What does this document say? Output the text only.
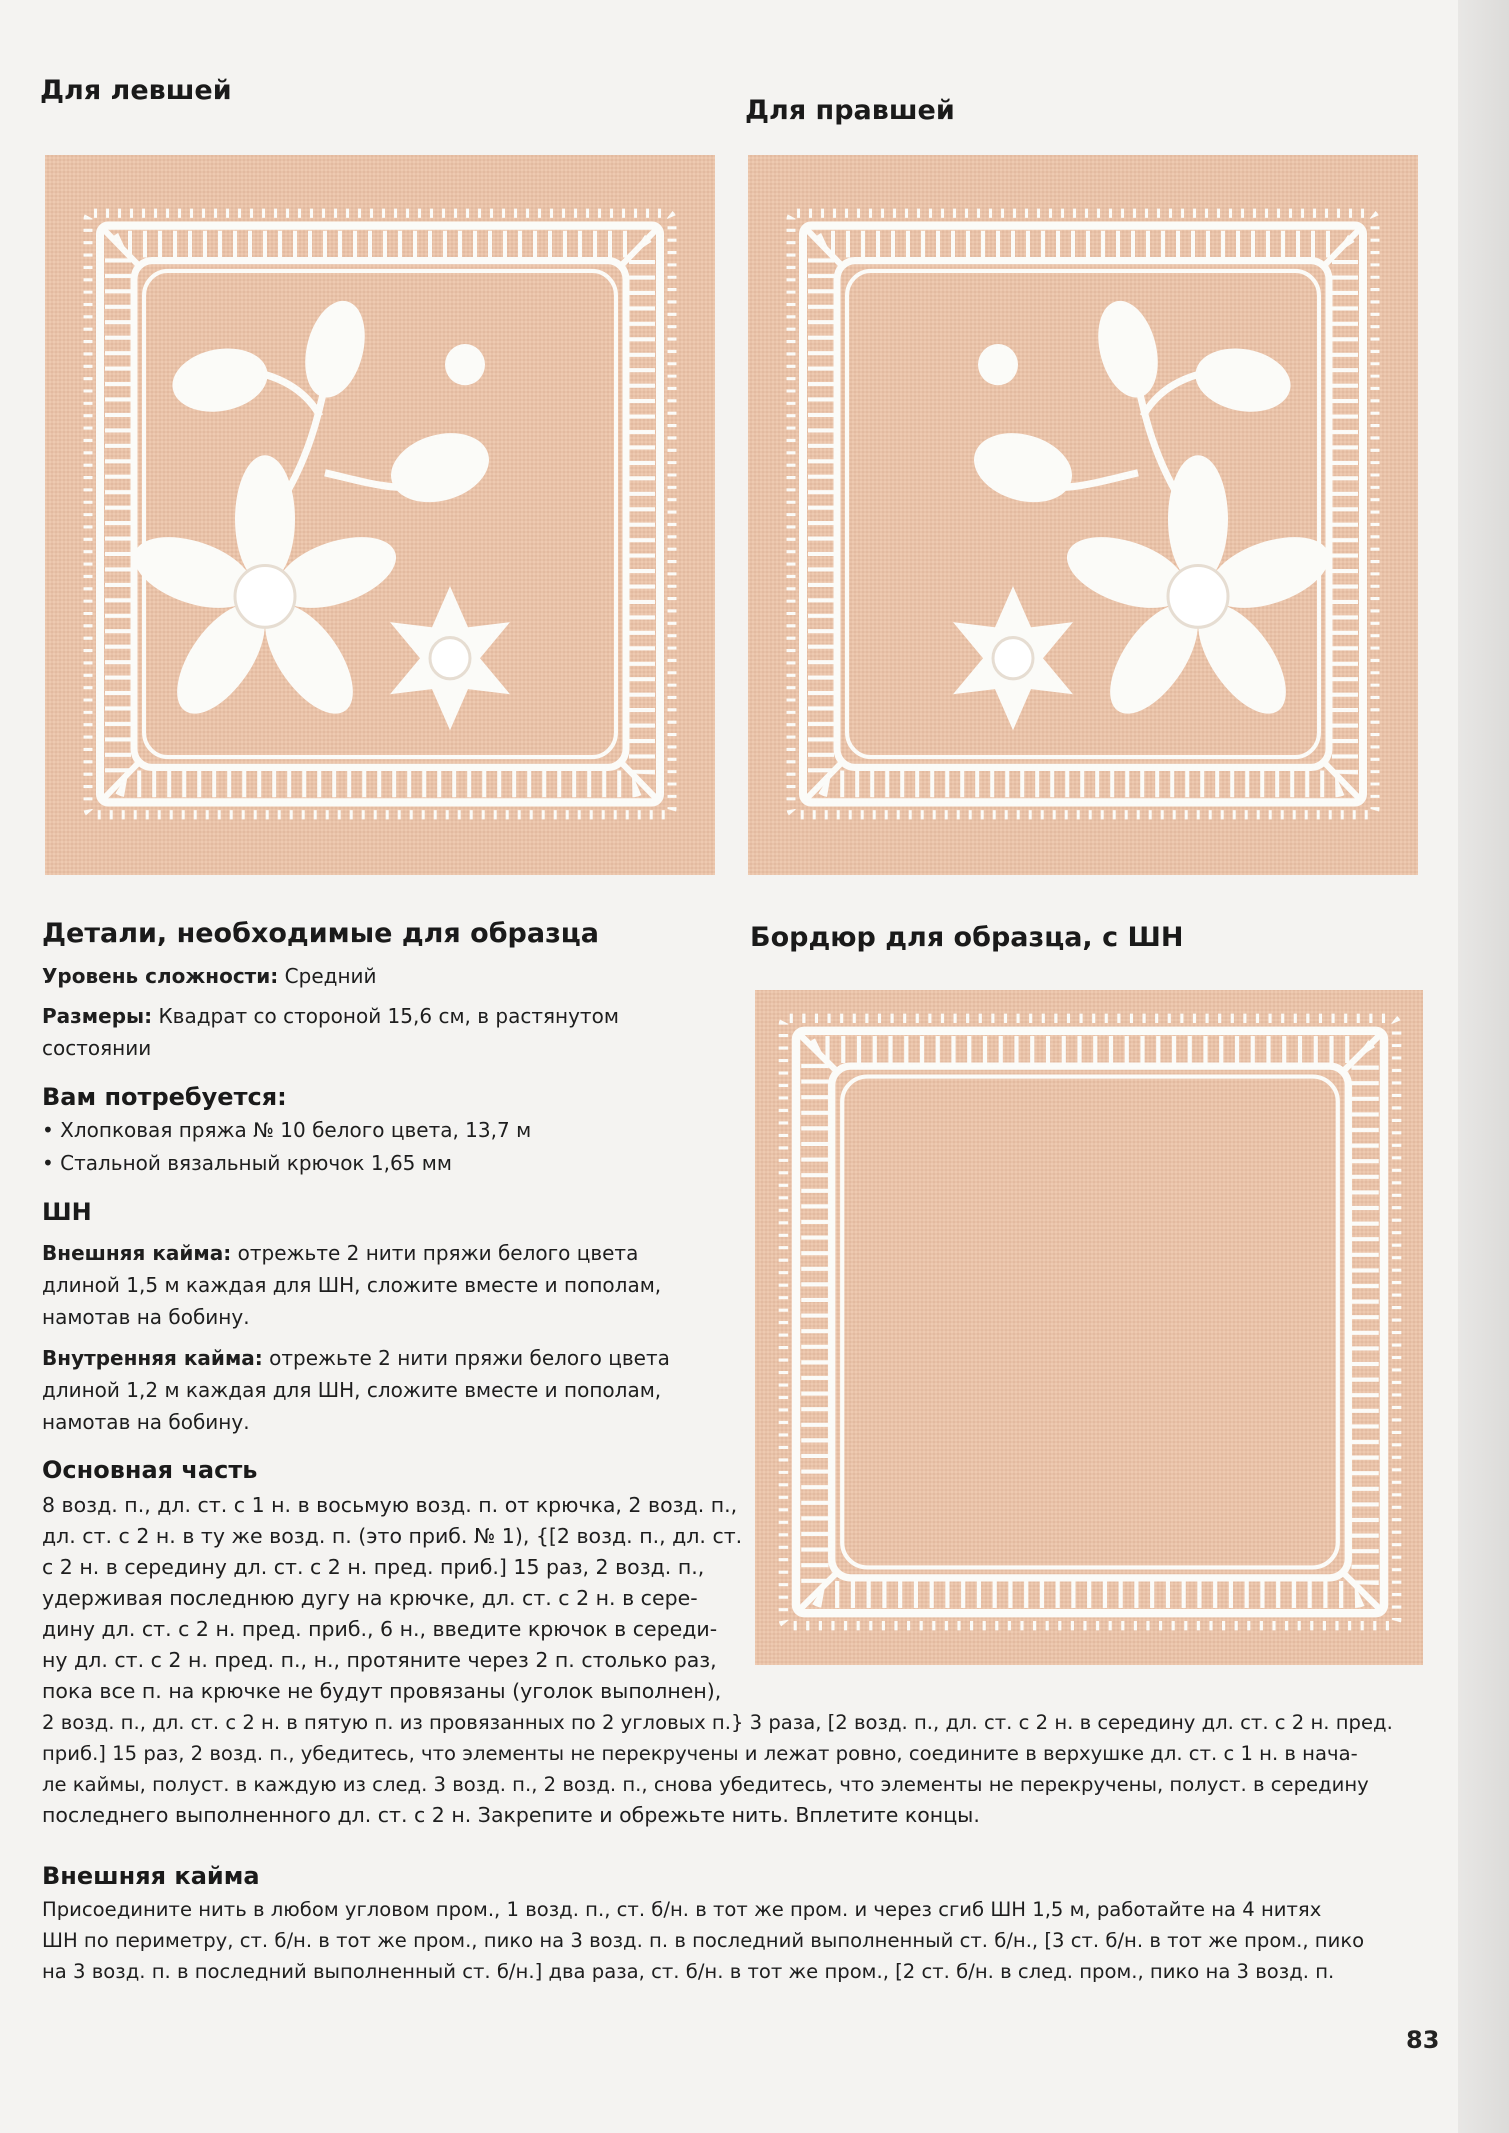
Для левшей
Для правшей
Бордюр для образца, с ШН
Детали, необходимые для образца

Уровень сложности: Средний

Размеры: Квадрат со стороной 15,6 см, в растянутом состоянии

Вам потребуется:
• Хлопковая пряжа № 10 белого цвета, 13,7 м
• Стальной вязальный крючок 1,65 мм
ШН

Внешняя кайма: отрежьте 2 нити пряжи белого цвета длиной 1,5 м каждая для ШН, сложите вместе и пополам, намотав на бобину.

Внутренняя кайма: отрежьте 2 нити пряжи белого цвета длиной 1,2 м каждая для ШН, сложите вместе и пополам, намотав на бобину.

Основная часть

8 возд. п., дл. ст. с 1 н. в восьмую возд. п. от крючка, 2 возд. п.,

дл. ст. с 2 н. в ту же возд. п. (это приб. № 1), {[2 возд. п., дл. ст.

с 2 н. в середину дл. ст. с 2 н. пред. приб.] 15 раз, 2 возд. п.,

удерживая последнюю дугу на крючке, дл. ст. с 2 н. в сере-

дину дл. ст. с 2 н. пред. приб., 6 н., введите крючок в середи-

ну дл. ст. с 2 н. пред. п., н., протяните через 2 п. столько раз,

пока все п. на крючке не будут провязаны (уголок выполнен),

2 возд. п., дл. ст. с 2 н. в пятую п. из провязанных по 2 угловых п.} 3 раза, [2 возд. п., дл. ст. с 2 н. в середину дл. ст. с 2 н. пред.

приб.] 15 раз, 2 возд. п., убедитесь, что элементы не перекручены и лежат ровно, соедините в верхушке дл. ст. с 1 н. в нача-

ле каймы, полуст. в каждую из след. 3 возд. п., 2 возд. п., снова убедитесь, что элементы не перекручены, полуст. в середину

последнего выполненного дл. ст. с 2 н. Закрепите и обрежьте нить. Вплетите концы.

Внешняя кайма

Присоедините нить в любом угловом пром., 1 возд. п., ст. б/н. в тот же пром. и через сгиб ШН 1,5 м, работайте на 4 нитях

ШН по периметру, ст. б/н. в тот же пром., пико на 3 возд. п. в последний выполненный ст. б/н., [3 ст. б/н. в тот же пром., пико

на 3 возд. п. в последний выполненный ст. б/н.] два раза, ст. б/н. в тот же пром., [2 ст. б/н. в след. пром., пико на 3 возд. п.

83
